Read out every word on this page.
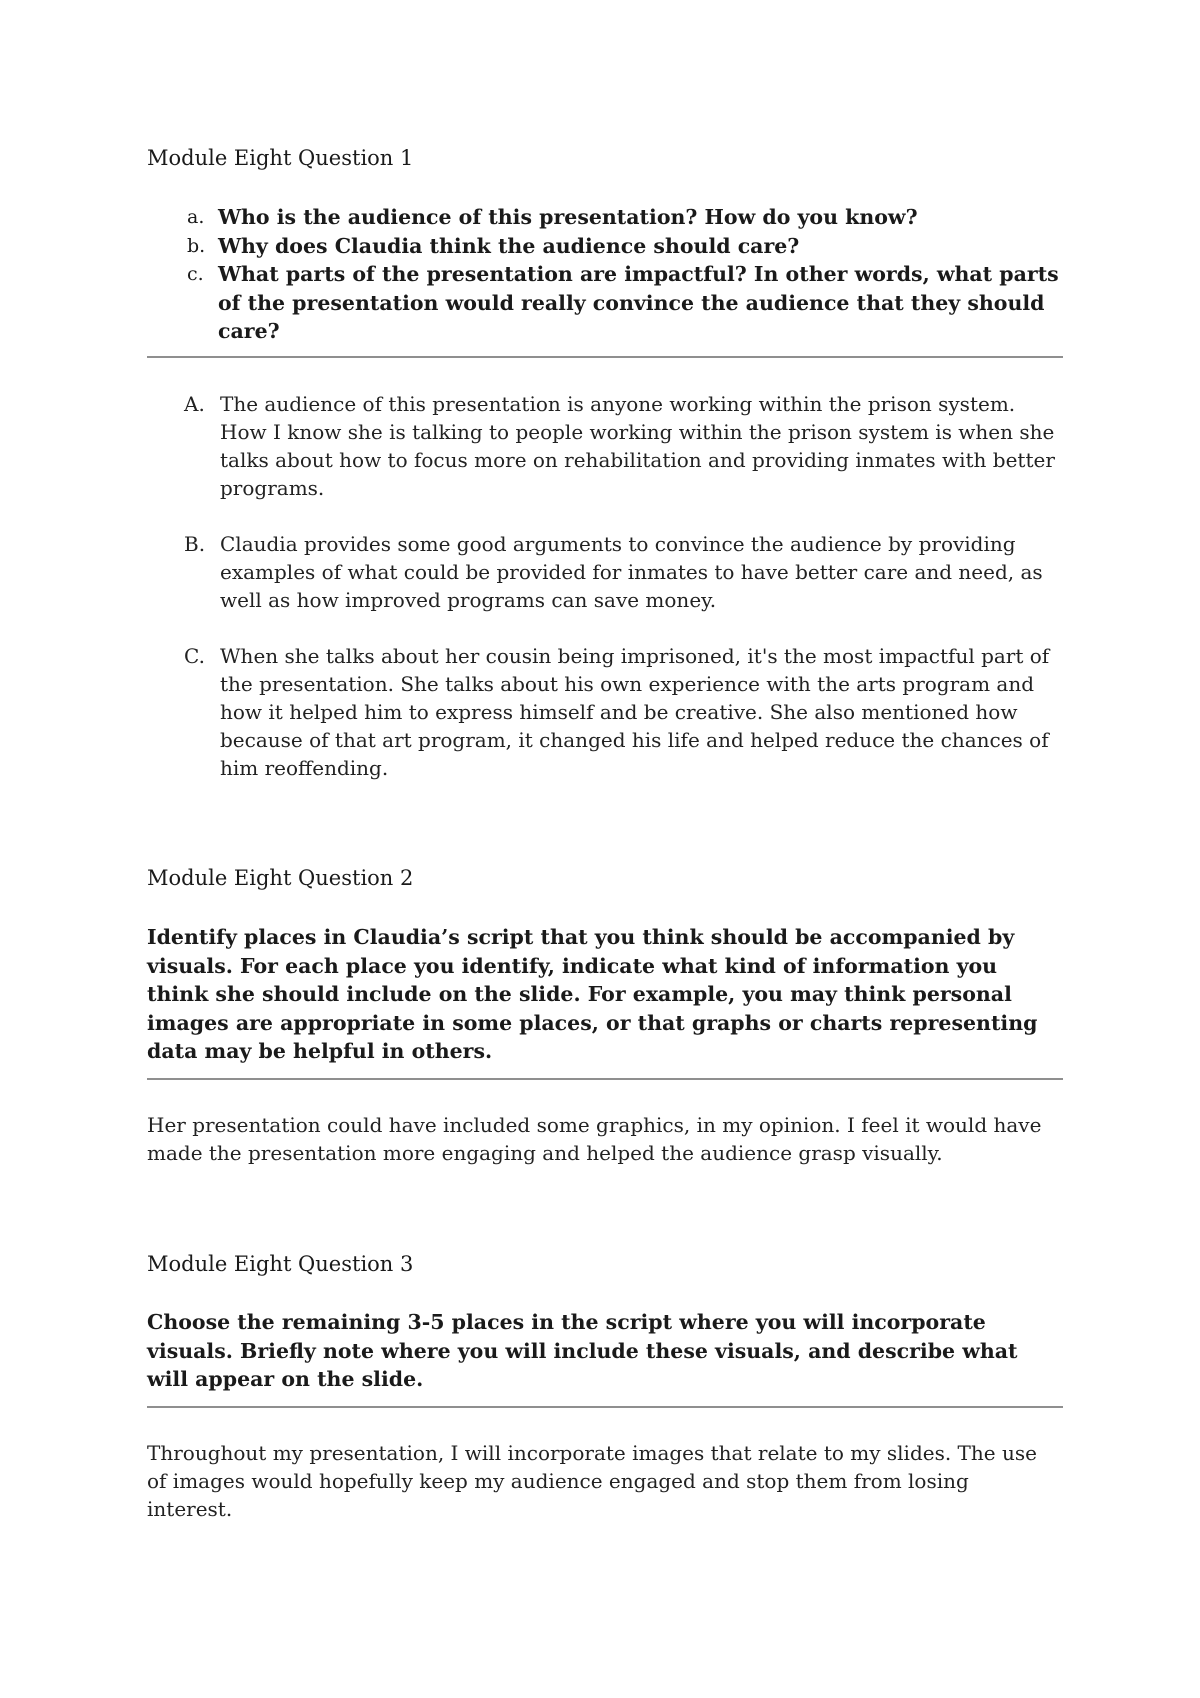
Module Eight Question 1
a. Who is the audience of this presentation? How do you know?
b. Why does Claudia think the audience should care?
c. What parts of the presentation are impactful? In other words, what parts of the presentation would really convince the audience that they should care?
A. The audience of this presentation is anyone working within the prison system. How I know she is talking to people working within the prison system is when she talks about how to focus more on rehabilitation and providing inmates with better programs.
B. Claudia provides some good arguments to convince the audience by providing examples of what could be provided for inmates to have better care and need, as well as how improved programs can save money.
C. When she talks about her cousin being imprisoned, it's the most impactful part of the presentation. She talks about his own experience with the arts program and how it helped him to express himself and be creative. She also mentioned how because of that art program, it changed his life and helped reduce the chances of him reoffending.
Module Eight Question 2

Identify places in Claudia’s script that you think should be accompanied by visuals. For each place you identify, indicate what kind of information you think she should include on the slide. For example, you may think personal images are appropriate in some places, or that graphs or charts representing data may be helpful in others.

Her presentation could have included some graphics, in my opinion. I feel it would have made the presentation more engaging and helped the audience grasp visually.

Module Eight Question 3

Choose the remaining 3-5 places in the script where you will incorporate visuals. Briefly note where you will include these visuals, and describe what will appear on the slide.

Throughout my presentation, I will incorporate images that relate to my slides. The use of images would hopefully keep my audience engaged and stop them from losing interest.
